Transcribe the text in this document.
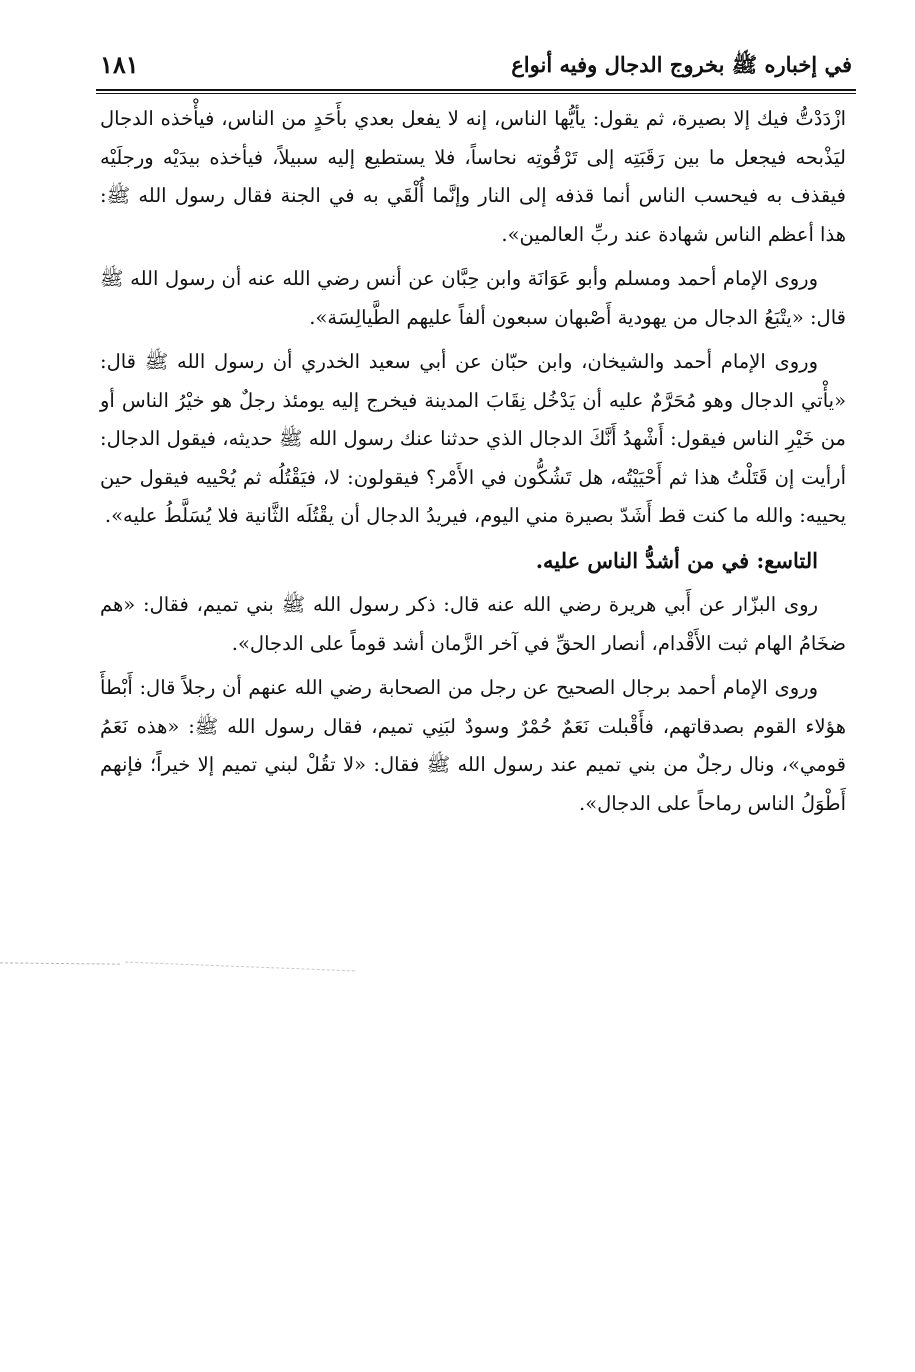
في إخباره ﷺ بخروج الدجال وفيه أنواع
١٨١

ازْدَدْتُّ فيك إلا بصيرة، ثم يقول: يأيُّها الناس، إنه لا يفعل بعدي بأَحَدٍ من الناس، فيأْخذه الدجال ليَذْبحه فيجعل ما بين رَقَبَتِه إلى تَرْقُوتِه نحاساً، فلا يستطيع إليه سبيلاً، فيأخذه بيدَيْه ورجلَيْه فيقذف به فيحسب الناس أنما قذفه إلى النار وإنَّما أُلْقَي به في الجنة فقال رسول الله ﷺ: هذا أعظم الناس شهادة عند ربِّ العالمين».

وروى الإمام أحمد ومسلم وأبو عَوَانَة وابن حِبَّان عن أنس رضي الله عنه أن رسول الله ﷺ قال: «يتْبَعُ الدجال من يهودية أَصْبهان سبعون ألفاً عليهم الطَّيالِسَة».

وروى الإمام أحمد والشيخان، وابن حبّان عن أبي سعيد الخدري أن رسول الله ﷺ قال: «يأْتي الدجال وهو مُحَرَّمٌ عليه أن يَدْخُل نِقَابَ المدينة فيخرج إليه يومئذ رجلٌ هو خيْرُ الناس أو من خَيْرِ الناس فيقول: أَشْهدُ أَنَّكَ الدجال الذي حدثنا عنك رسول الله ﷺ حديثه، فيقول الدجال: أرأيت إن قَتَلْتُ هذا ثم أَحْيَيْتُه، هل تَشُكُّون في الأَمْر؟ فيقولون: لا، فيَقْتُلُه ثم يُحْييه فيقول حين يحييه: والله ما كنت قط أَشَدّ بصيرة مني اليوم، فيريدُ الدجال أن يقْتُلَه الثَّانية فلا يُسَلَّطُ عليه».

التاسع: في من أشدُّ الناس عليه.

روى البزّار عن أَبي هريرة رضي الله عنه قال: ذكر رسول الله ﷺ بني تميم، فقال: «هم ضخَامُ الهام ثبت الأَقْدام، أنصار الحقِّ في آخر الزَّمان أشد قوماً على الدجال».

وروى الإمام أحمد برجال الصحيح عن رجل من الصحابة رضي الله عنهم أن رجلاً قال: أَبْطأَ هؤلاء القوم بصدقاتهم، فأَقْبلت نَعَمٌ حُمْرٌ وسودٌ لبَنِي تميم، فقال رسول الله ﷺ: «هذه نَعَمُ قومي»، ونال رجلٌ من بني تميم عند رسول الله ﷺ فقال: «لا تقُلْ لبني تميم إلا خيراً؛ فإنهم أَطْوَلُ الناس رماحاً على الدجال».
